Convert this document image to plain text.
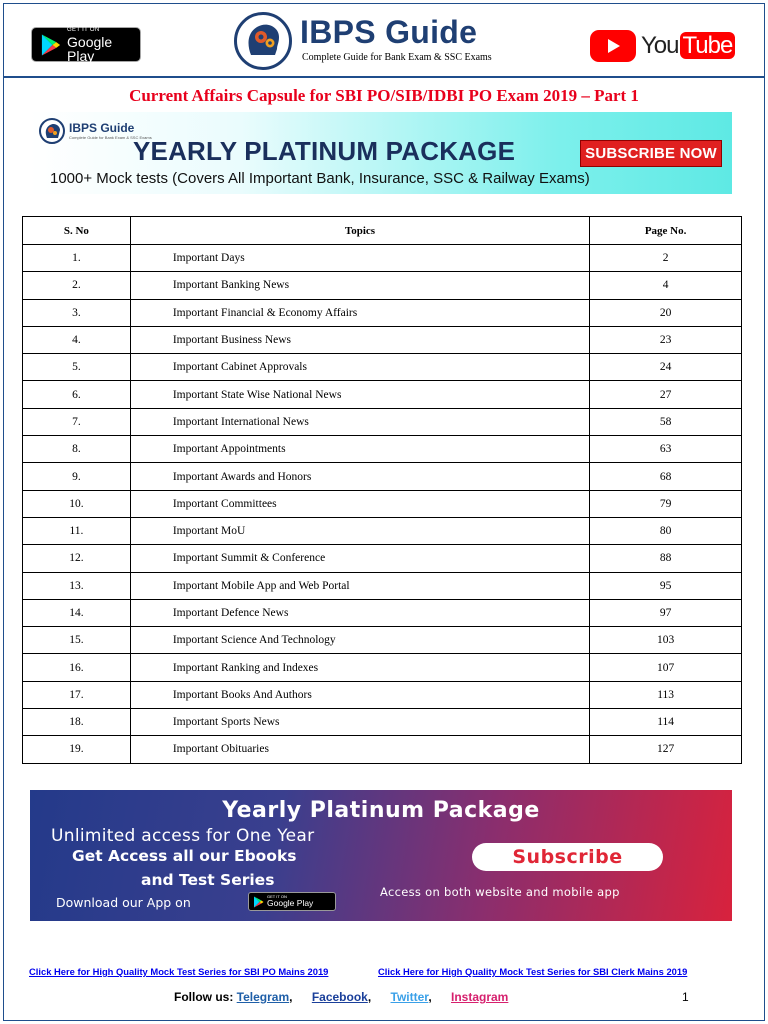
GET IT ON
Google Play
IBPS Guide
Complete Guide for Bank Exam & SSC Exams	You Tube
Current Affairs Capsule for SBI PO/SIB/IDBI PO Exam 2019 – Part 1
IBPS Guide
Complete Guide for Bank Exam & SSC Exams
YEARLY PLATINUM PACKAGE
1000+ Mock tests (Covers All Important Bank, Insurance, SSC & Railway Exams)
SUBSCRIBE NOW
S. No	Topics	Page No.
1.	Important Days	2
2.	Important Banking News	4
3.	Important Financial & Economy Affairs	20
4.	Important Business News	23
5.	Important Cabinet Approvals	24
6.	Important State Wise National News	27
7.	Important International News	58
8.	Important Appointments	63
9.	Important Awards and Honors	68
10.	Important Committees	79
11.	Important MoU	80
12.	Important Summit & Conference	88
13.	Important Mobile App and Web Portal	95
14.	Important Defence News	97
15.	Important Science And Technology	103
16.	Important Ranking and Indexes	107
17.	Important Books And Authors	113
18.	Important Sports News	114
19.	Important Obituaries	127
Yearly Platinum Package
Unlimited access for One Year
Get Access all our Ebooks
and Test Series
Download our App on	GET IT ON
Google Play
Subscribe
Access on both website and mobile app
Click Here for High Quality Mock Test Series for SBI PO Mains 2019	Click Here for High Quality Mock Test Series for SBI Clerk Mains 2019
Follow us: Telegram, Facebook, Twitter, Instagram	1
